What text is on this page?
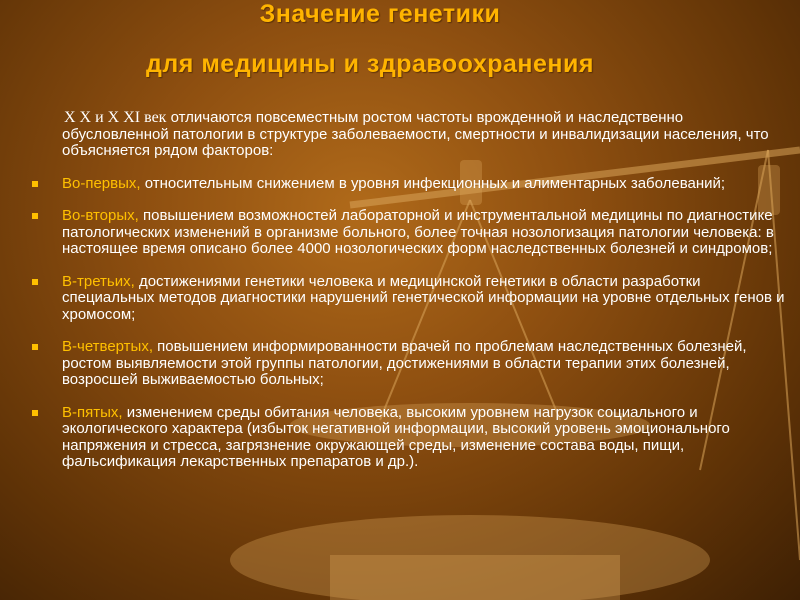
Значение генетики
для медицины и здравоохранения
X X и X XI век отличаются повсеместным ростом частоты врожденной и наследственно обусловленной патологии в структуре заболеваемости, смертности и инвалидизации населения, что объясняется рядом факторов:
Во-первых, относительным снижением в уровня инфекционных и алиментарных заболеваний;
Во-вторых, повышением возможностей лабораторной и инструментальной медицины по диагностике патологических изменений в организме больного, более точная нозологизация патологии человека: в настоящее время описано более 4000 нозологических форм наследственных болезней и синдромов;
В-третьих, достижениями генетики человека и медицинской генетики в области разработки специальных методов диагностики нарушений генетической информации на уровне отдельных генов и хромосом;
В-четвертых, повышением информированности врачей по проблемам наследственных болезней, ростом выявляемости этой группы патологии, достижениями в области терапии этих болезней, возросшей выживаемостью больных;
В-пятых, изменением среды обитания человека, высоким уровнем нагрузок социального и экологического характера (избыток негативной информации, высокий уровень эмоционального напряжения и стресса, загрязнение окружающей среды, изменение состава воды, пищи, фальсификация лекарственных препаратов и др.).
